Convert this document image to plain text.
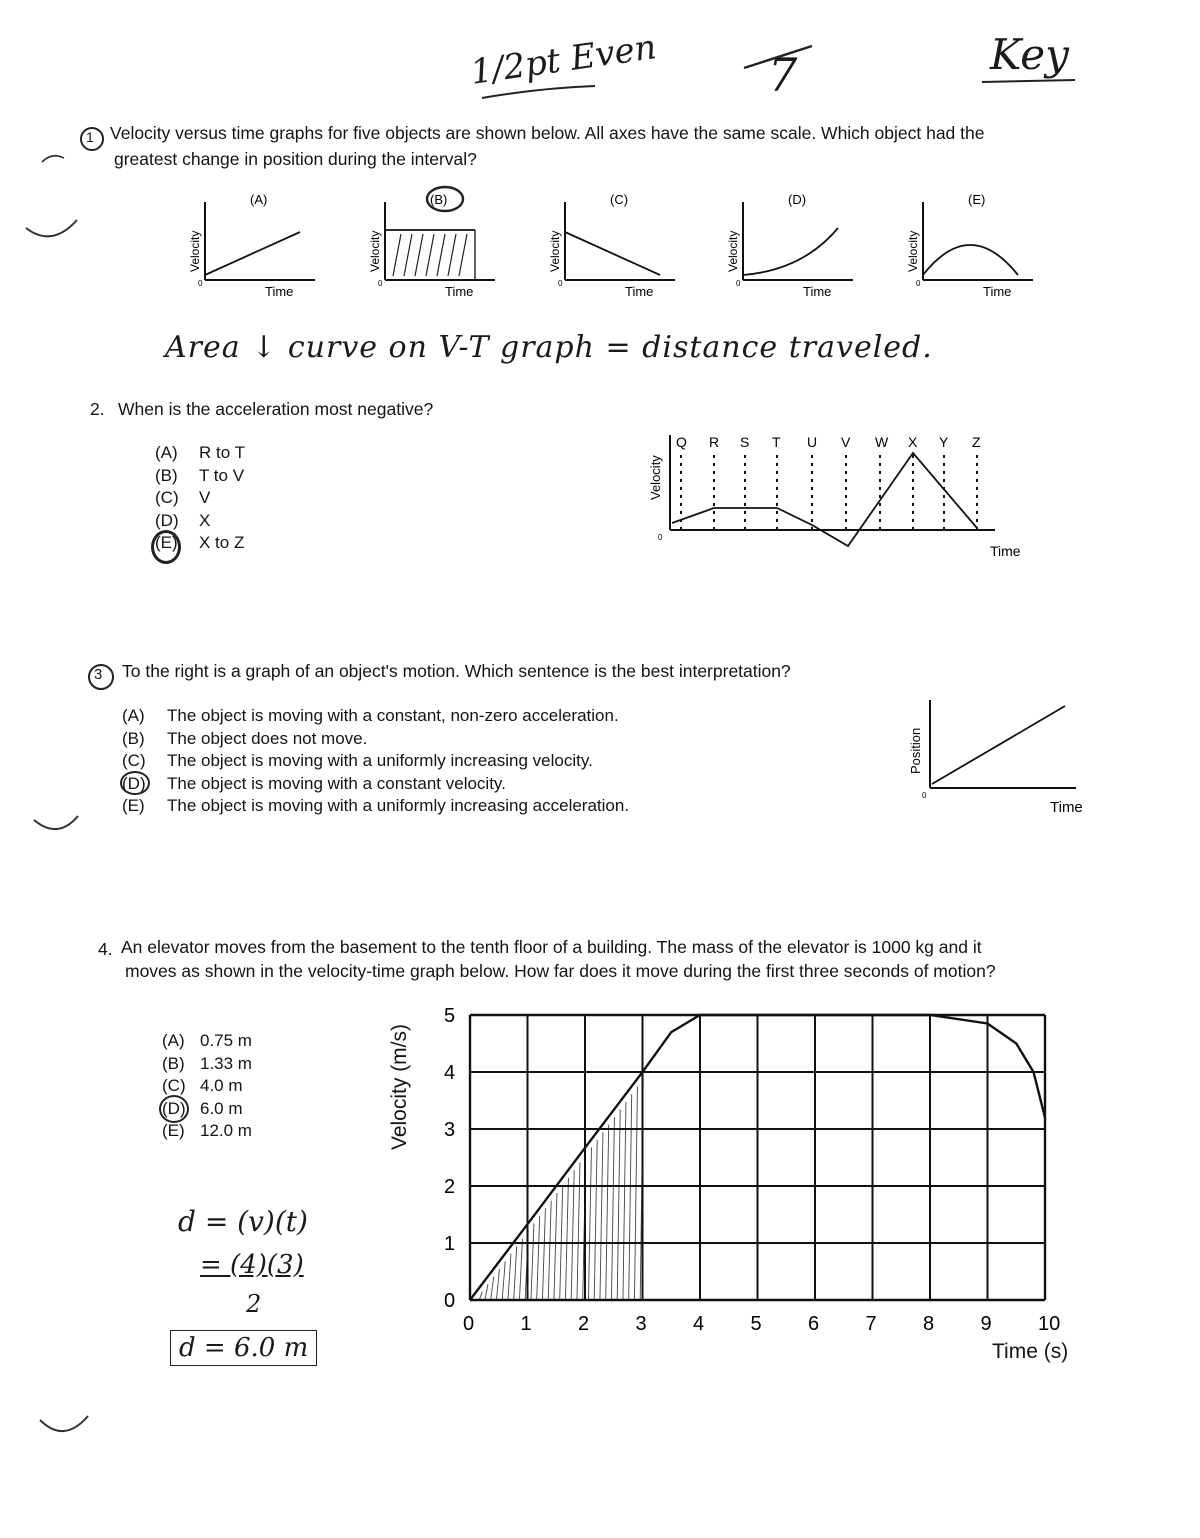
1/2pt Even 7	Key
1 Velocity versus time graphs for five objects are shown below. All axes have the same scale. Which object had the
greatest change in position during the interval?
(A)
Time
0
Velocity
(B)
Time
0
Velocity
(C)
Time
0
Velocity
(D)
Time
0
Velocity
(E)
Time
0
Velocity
Area ↓ curve on V-T graph = distance traveled.
2. When is the acceleration most negative?
(A) R to T
(B) T to V
(C) V
(D) X
(E) X to Z
Velocity
Time
0
Q R S T U V W X Y Z
3 To the right is a graph of an object's motion. Which sentence is the best interpretation?
(A) The object is moving with a constant, non-zero acceleration.
(B) The object does not move.
(C) The object is moving with a uniformly increasing velocity.
(D) The object is moving with a constant velocity.
(E) The object is moving with a uniformly increasing acceleration.
Position
Time
0
4. An elevator moves from the basement to the tenth floor of a building. The mass of the elevator is 1000 kg and it
moves as shown in the velocity-time graph below. How far does it move during the first three seconds of motion?
(A) 0.75 m
(B) 1.33 m
(C) 4.0 m
(D) 6.0 m
(E) 12.0 m
d = (v)(t)
= (4)(3)
2
d = 6.0 m
Velocity (m/s)
Time (s)
0 1 2 3 4 5 6 7 8 9 10
0
1
2
3
4
5
